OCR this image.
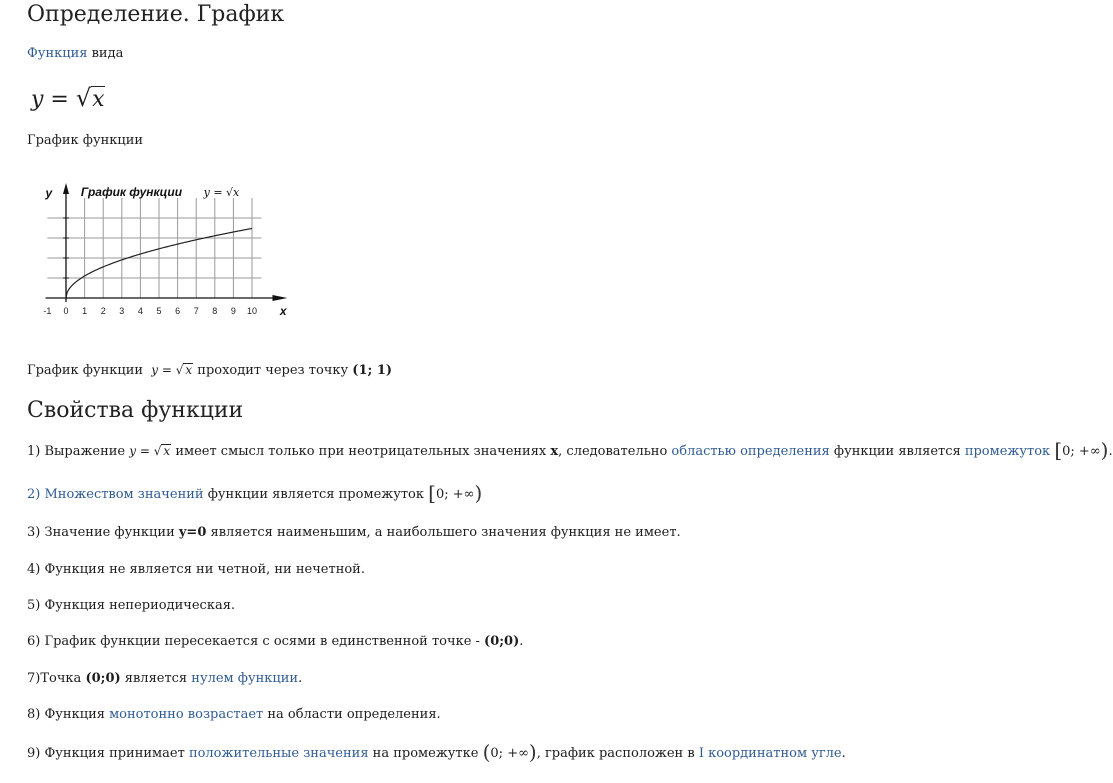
Определение. График

Функция вида

y = √x

График функции

-1 0 1 2 3 4 5 6 7 8 9 10 x
y График функции y = √x

График функции y = √ x проходит через точку (1; 1)

Свойства функции

1) Выражение y = √ x имеет смысл только при неотрицательных значениях x, следовательно областью определения функции является промежуток [0; +∞).

2) Множеством значений функции является промежуток [0; +∞)

3) Значение функции y=0 является наименьшим, а наибольшего значения функция не имеет.

4) Функция не является ни четной, ни нечетной.

5) Функция непериодическая.

6) График функции пересекается с осями в единственной точке - (0;0).

7)Точка (0;0) является нулем функции.

8) Функция монотонно возрастает на области определения.

9) Функция принимает положительные значения на промежутке (0; +∞), график расположен в I координатном угле.
